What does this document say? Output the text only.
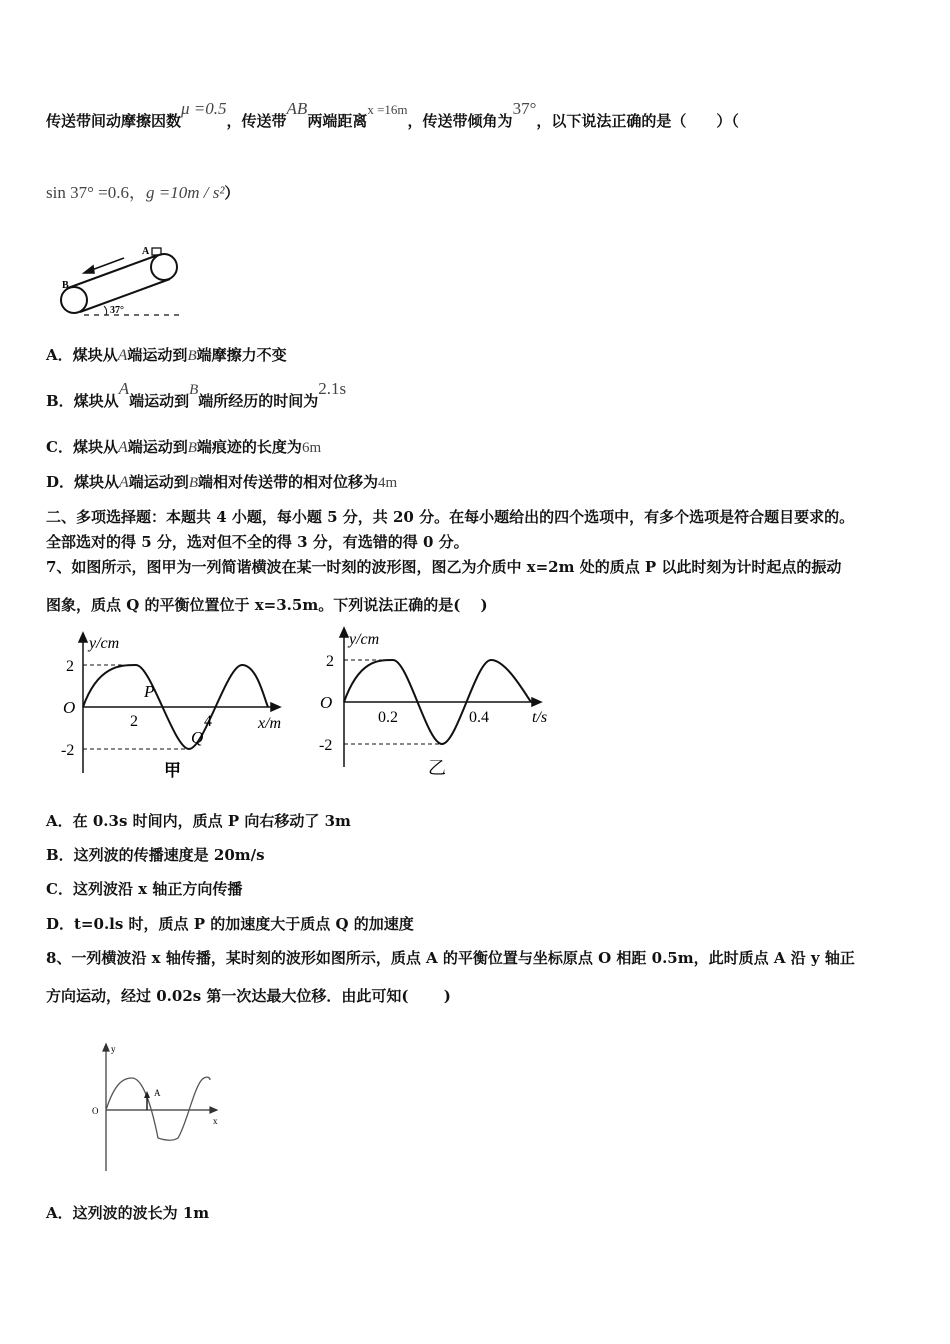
传送带间动摩擦因数μ =0.5，传送带AB两端距离x =16m，传送带倾角为37°，以下说法正确的是（　　）（
sin 37° =0.6，g =10m / s²）
A
B
37°
A．煤块从A端运动到B端摩擦力不变
B．煤块从A端运动到B端所经历的时间为2.1s
C．煤块从A端运动到B端痕迹的长度为6m
D．煤块从A端运动到B端相对传送带的相对位移为4m
二、多项选择题：本题共 4 小题，每小题 5 分，共 20 分。在每小题给出的四个选项中，有多个选项是符合题目要求的。
全部选对的得 5 分，选对但不全的得 3 分，有选错的得 0 分。
7、如图所示，图甲为一列简谐横波在某一时刻的波形图，图乙为介质中 x=2m 处的质点 P 以此时刻为计时起点的振动
图象，质点 Q 的平衡位置位于 x=3.5m。下列说法正确的是(　 )
y/cm
2
-2
O
2	4	x/m
P
Q
甲
y/cm
2
-2
O
0.2	0.4	t/s
乙
A．在 0.3s 时间内，质点 P 向右移动了 3m
B．这列波的传播速度是 20m/s
C．这列波沿 x 轴正方向传播
D．t=0.ls 时，质点 P 的加速度大于质点 Q 的加速度
8、一列横波沿 x 轴传播，某时刻的波形如图所示，质点 A 的平衡位置与坐标原点 O 相距 0.5m，此时质点 A 沿 y 轴正
方向运动，经过 0.02s 第一次达最大位移．由此可知(　　 )
y
O
x
A
A．这列波的波长为 1m
